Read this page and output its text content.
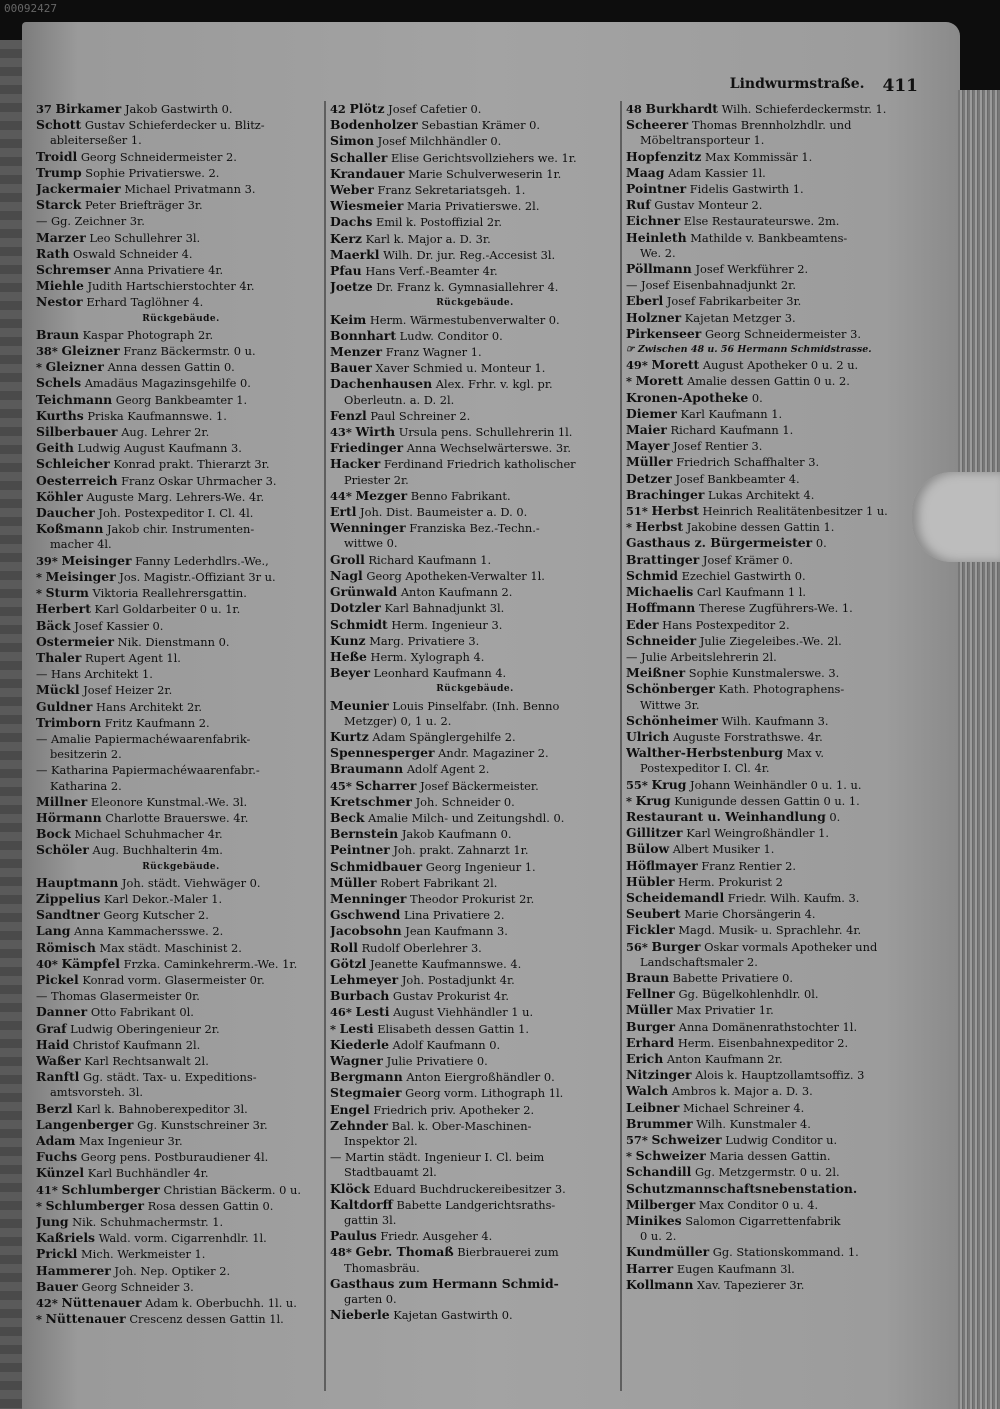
00092427
Lindwurmstraße. 411
37 Birkamer Jakob Gastwirth 0.
Schott Gustav Schieferdecker u. Blitz-
ableiterseßer 1.
Troidl Georg Schneidermeister 2.
Trump Sophie Privatierswe. 2.
Jackermaier Michael Privatmann 3.
Starck Peter Briefträger 3r.
— Gg. Zeichner 3r.
Marzer Leo Schullehrer 3l.
Rath Oswald Schneider 4.
Schremser Anna Privatiere 4r.
Miehle Judith Hartschierstochter 4r.
Nestor Erhard Taglöhner 4.
Rückgebäude.
Braun Kaspar Photograph 2r.
38* Gleizner Franz Bäckermstr. 0 u.
* Gleizner Anna dessen Gattin 0.
Schels Amadäus Magazinsgehilfe 0.
Teichmann Georg Bankbeamter 1.
Kurths Priska Kaufmannswe. 1.
Silberbauer Aug. Lehrer 2r.
Geith Ludwig August Kaufmann 3.
Schleicher Konrad prakt. Thierarzt 3r.
Oesterreich Franz Oskar Uhrmacher 3.
Köhler Auguste Marg. Lehrers-We. 4r.
Daucher Joh. Postexpeditor I. Cl. 4l.
Koßmann Jakob chir. Instrumenten-
macher 4l.
39* Meisinger Fanny Lederhdlrs.-We.,
* Meisinger Jos. Magistr.-Offiziant 3r u.
* Sturm Viktoria Reallehrersgattin.
Herbert Karl Goldarbeiter 0 u. 1r.
Bäck Josef Kassier 0.
Ostermeier Nik. Dienstmann 0.
Thaler Rupert Agent 1l.
— Hans Architekt 1.
Mückl Josef Heizer 2r.
Guldner Hans Architekt 2r.
Trimborn Fritz Kaufmann 2.
— Amalie Papiermachéwaarenfabrik-
besitzerin 2.
— Katharina Papiermachéwaarenfabr.-
Katharina 2.
Millner Eleonore Kunstmal.-We. 3l.
Hörmann Charlotte Brauerswe. 4r.
Bock Michael Schuhmacher 4r.
Schöler Aug. Buchhalterin 4m.
Rückgebäude.
Hauptmann Joh. städt. Viehwäger 0.
Zippelius Karl Dekor.-Maler 1.
Sandtner Georg Kutscher 2.
Lang Anna Kammachersswe. 2.
Römisch Max städt. Maschinist 2.
40* Kämpfel Frzka. Caminkehrerm.-We. 1r.
Pickel Konrad vorm. Glasermeister 0r.
— Thomas Glasermeister 0r.
Danner Otto Fabrikant 0l.
Graf Ludwig Oberingenieur 2r.
Haid Christof Kaufmann 2l.
Waßer Karl Rechtsanwalt 2l.
Ranftl Gg. städt. Tax- u. Expeditions-
amtsvorsteh. 3l.
Berzl Karl k. Bahnoberexpeditor 3l.
Langenberger Gg. Kunstschreiner 3r.
Adam Max Ingenieur 3r.
Fuchs Georg pens. Postburaudiener 4l.
Künzel Karl Buchhändler 4r.
41* Schlumberger Christian Bäckerm. 0 u.
* Schlumberger Rosa dessen Gattin 0.
Jung Nik. Schuhmachermstr. 1.
Kaßriels Wald. vorm. Cigarrenhdlr. 1l.
Prickl Mich. Werkmeister 1.
Hammerer Joh. Nep. Optiker 2.
Bauer Georg Schneider 3.
42* Nüttenauer Adam k. Oberbuchh. 1l. u.
* Nüttenauer Crescenz dessen Gattin 1l.
42 Plötz Josef Cafetier 0.
Bodenholzer Sebastian Krämer 0.
Simon Josef Milchhändler 0.
Schaller Elise Gerichtsvollziehers we. 1r.
Krandauer Marie Schulverweserin 1r.
Weber Franz Sekretariatsgeh. 1.
Wiesmeier Maria Privatierswe. 2l.
Dachs Emil k. Postoffizial 2r.
Kerz Karl k. Major a. D. 3r.
Maerkl Wilh. Dr. jur. Reg.-Accesist 3l.
Pfau Hans Verf.-Beamter 4r.
Joetze Dr. Franz k. Gymnasiallehrer 4.
Rückgebäude.
Keim Herm. Wärmestubenverwalter 0.
Bonnhart Ludw. Conditor 0.
Menzer Franz Wagner 1.
Bauer Xaver Schmied u. Monteur 1.
Dachenhausen Alex. Frhr. v. kgl. pr.
Oberleutn. a. D. 2l.
Fenzl Paul Schreiner 2.
43* Wirth Ursula pens. Schullehrerin 1l.
Friedinger Anna Wechselwärterswe. 3r.
Hacker Ferdinand Friedrich katholischer
Priester 2r.
44* Mezger Benno Fabrikant.
Ertl Joh. Dist. Baumeister a. D. 0.
Wenninger Franziska Bez.-Techn.-
wittwe 0.
Groll Richard Kaufmann 1.
Nagl Georg Apotheken-Verwalter 1l.
Grünwald Anton Kaufmann 2.
Dotzler Karl Bahnadjunkt 3l.
Schmidt Herm. Ingenieur 3.
Kunz Marg. Privatiere 3.
Heße Herm. Xylograph 4.
Beyer Leonhard Kaufmann 4.
Rückgebäude.
Meunier Louis Pinselfabr. (Inh. Benno
Metzger) 0, 1 u. 2.
Kurtz Adam Spänglergehilfe 2.
Spennesperger Andr. Magaziner 2.
Braumann Adolf Agent 2.
45* Scharrer Josef Bäckermeister.
Kretschmer Joh. Schneider 0.
Beck Amalie Milch- und Zeitungshdl. 0.
Bernstein Jakob Kaufmann 0.
Peintner Joh. prakt. Zahnarzt 1r.
Schmidbauer Georg Ingenieur 1.
Müller Robert Fabrikant 2l.
Menninger Theodor Prokurist 2r.
Gschwend Lina Privatiere 2.
Jacobsohn Jean Kaufmann 3.
Roll Rudolf Oberlehrer 3.
Götzl Jeanette Kaufmannswe. 4.
Lehmeyer Joh. Postadjunkt 4r.
Burbach Gustav Prokurist 4r.
46* Lesti August Viehhändler 1 u.
* Lesti Elisabeth dessen Gattin 1.
Kiederle Adolf Kaufmann 0.
Wagner Julie Privatiere 0.
Bergmann Anton Eiergroßhändler 0.
Stegmaier Georg vorm. Lithograph 1l.
Engel Friedrich priv. Apotheker 2.
Zehnder Bal. k. Ober-Maschinen-
Inspektor 2l.
— Martin städt. Ingenieur I. Cl. beim
Stadtbauamt 2l.
Klöck Eduard Buchdruckereibesitzer 3.
Kaltdorff Babette Landgerichtsraths-
gattin 3l.
Paulus Friedr. Ausgeher 4.
48* Gebr. Thomaß Bierbrauerei zum
Thomasbräu.
Gasthaus zum Hermann Schmid-
garten 0.
Nieberle Kajetan Gastwirth 0.
48 Burkhardt Wilh. Schieferdeckermstr. 1.
Scheerer Thomas Brennholzhdlr. und
Möbeltransporteur 1.
Hopfenzitz Max Kommissär 1.
Maag Adam Kassier 1l.
Pointner Fidelis Gastwirth 1.
Ruf Gustav Monteur 2.
Eichner Else Restaurateurswe. 2m.
Heinleth Mathilde v. Bankbeamtens-
We. 2.
Pöllmann Josef Werkführer 2.
— Josef Eisenbahnadjunkt 2r.
Eberl Josef Fabrikarbeiter 3r.
Holzner Kajetan Metzger 3.
Pirkenseer Georg Schneidermeister 3.
☞ Zwischen 48 u. 56 Hermann Schmidstrasse.
49* Morett August Apotheker 0 u. 2 u.
* Morett Amalie dessen Gattin 0 u. 2.
Kronen-Apotheke 0.
Diemer Karl Kaufmann 1.
Maier Richard Kaufmann 1.
Mayer Josef Rentier 3.
Müller Friedrich Schaffhalter 3.
Detzer Josef Bankbeamter 4.
Brachinger Lukas Architekt 4.
51* Herbst Heinrich Realitätenbesitzer 1 u.
* Herbst Jakobine dessen Gattin 1.
Gasthaus z. Bürgermeister 0.
Brattinger Josef Krämer 0.
Schmid Ezechiel Gastwirth 0.
Michaelis Carl Kaufmann 1 l.
Hoffmann Therese Zugführers-We. 1.
Eder Hans Postexpeditor 2.
Schneider Julie Ziegeleibes.-We. 2l.
— Julie Arbeitslehrerin 2l.
Meißner Sophie Kunstmalerswe. 3.
Schönberger Kath. Photographens-
Wittwe 3r.
Schönheimer Wilh. Kaufmann 3.
Ulrich Auguste Forstrathswe. 4r.
Walther-Herbstenburg Max v.
Postexpeditor I. Cl. 4r.
55* Krug Johann Weinhändler 0 u. 1. u.
* Krug Kunigunde dessen Gattin 0 u. 1.
Restaurant u. Weinhandlung 0.
Gillitzer Karl Weingroßhändler 1.
Bülow Albert Musiker 1.
Höflmayer Franz Rentier 2.
Hübler Herm. Prokurist 2
Scheidemandl Friedr. Wilh. Kaufm. 3.
Seubert Marie Chorsängerin 4.
Fickler Magd. Musik- u. Sprachlehr. 4r.
56* Burger Oskar vormals Apotheker und
Landschaftsmaler 2.
Braun Babette Privatiere 0.
Fellner Gg. Bügelkohlenhdlr. 0l.
Müller Max Privatier 1r.
Burger Anna Domänenrathstochter 1l.
Erhard Herm. Eisenbahnexpeditor 2.
Erich Anton Kaufmann 2r.
Nitzinger Alois k. Hauptzollamtsoffiz. 3
Walch Ambros k. Major a. D. 3.
Leibner Michael Schreiner 4.
Brummer Wilh. Kunstmaler 4.
57* Schweizer Ludwig Conditor u.
* Schweizer Maria dessen Gattin.
Schandill Gg. Metzgermstr. 0 u. 2l.
Schutzmannschaftsnebenstation.
Milberger Max Conditor 0 u. 4.
Minikes Salomon Cigarrettenfabrik
0 u. 2.
Kundmüller Gg. Stationskommand. 1.
Harrer Eugen Kaufmann 3l.
Kollmann Xav. Tapezierer 3r.
